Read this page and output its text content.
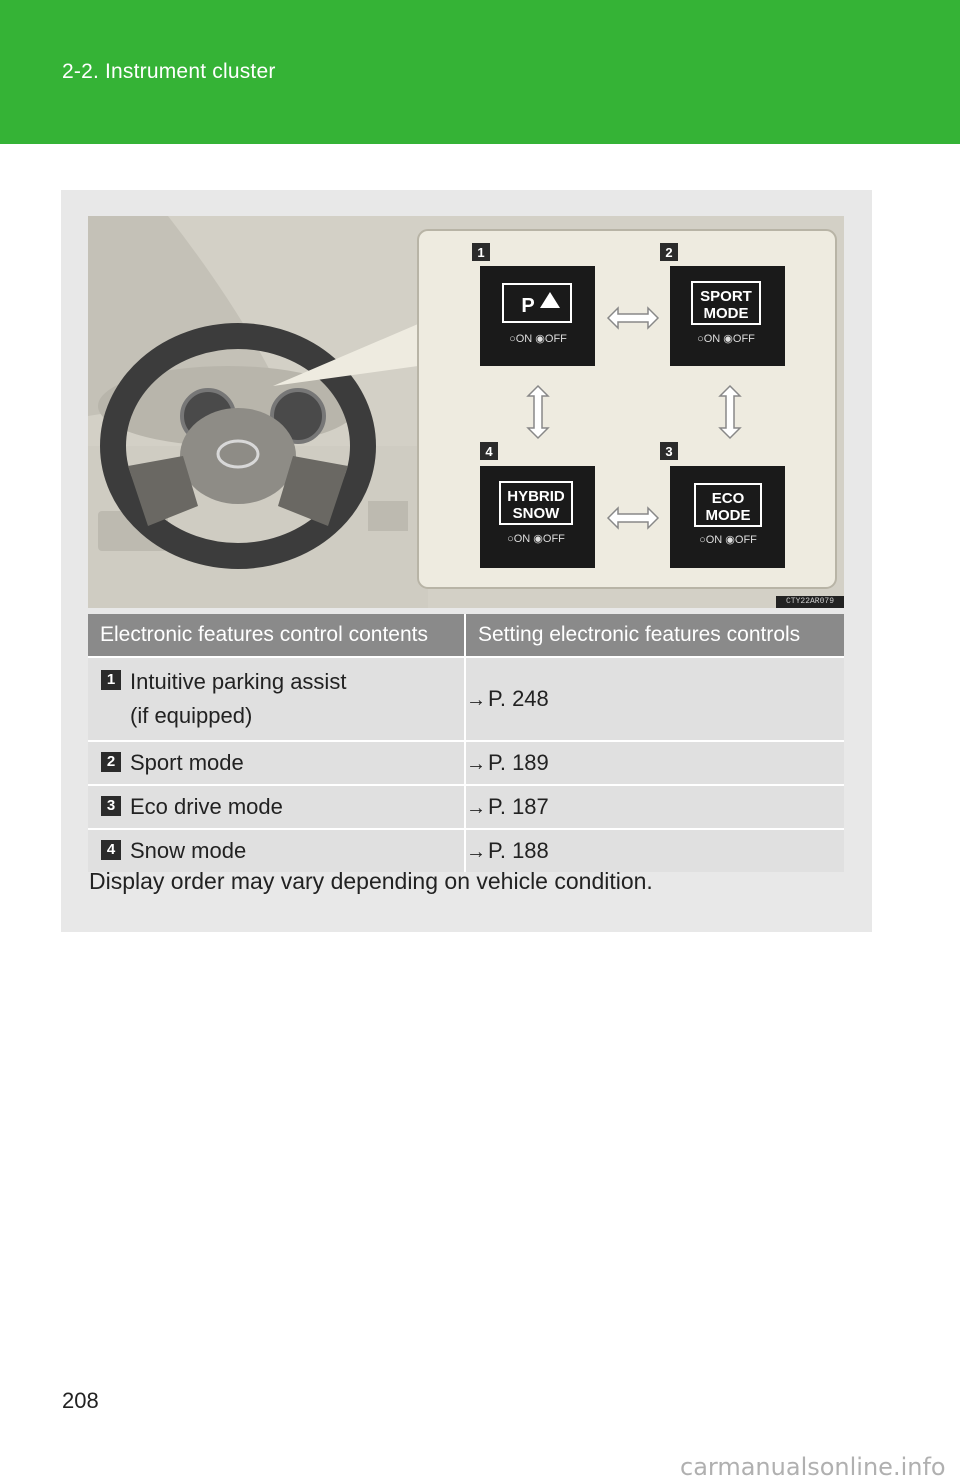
2-2. Instrument cluster
1
P
○ON ◉OFF
2
SPORT
MODE
○ON ◉OFF
3
ECO
MODE
○ON ◉OFF
4
HYBRID
SNOW
○ON ◉OFF
CTY22AR079
Electronic features control contents	Setting electronic features controls

1 Intuitive parking assist
(if equipped)	→P. 248

2 Sport mode	→P. 189

3 Eco drive mode	→P. 187

4 Snow mode	→P. 188
Display order may vary depending on vehicle condition.
208
carmanualsonline.info
